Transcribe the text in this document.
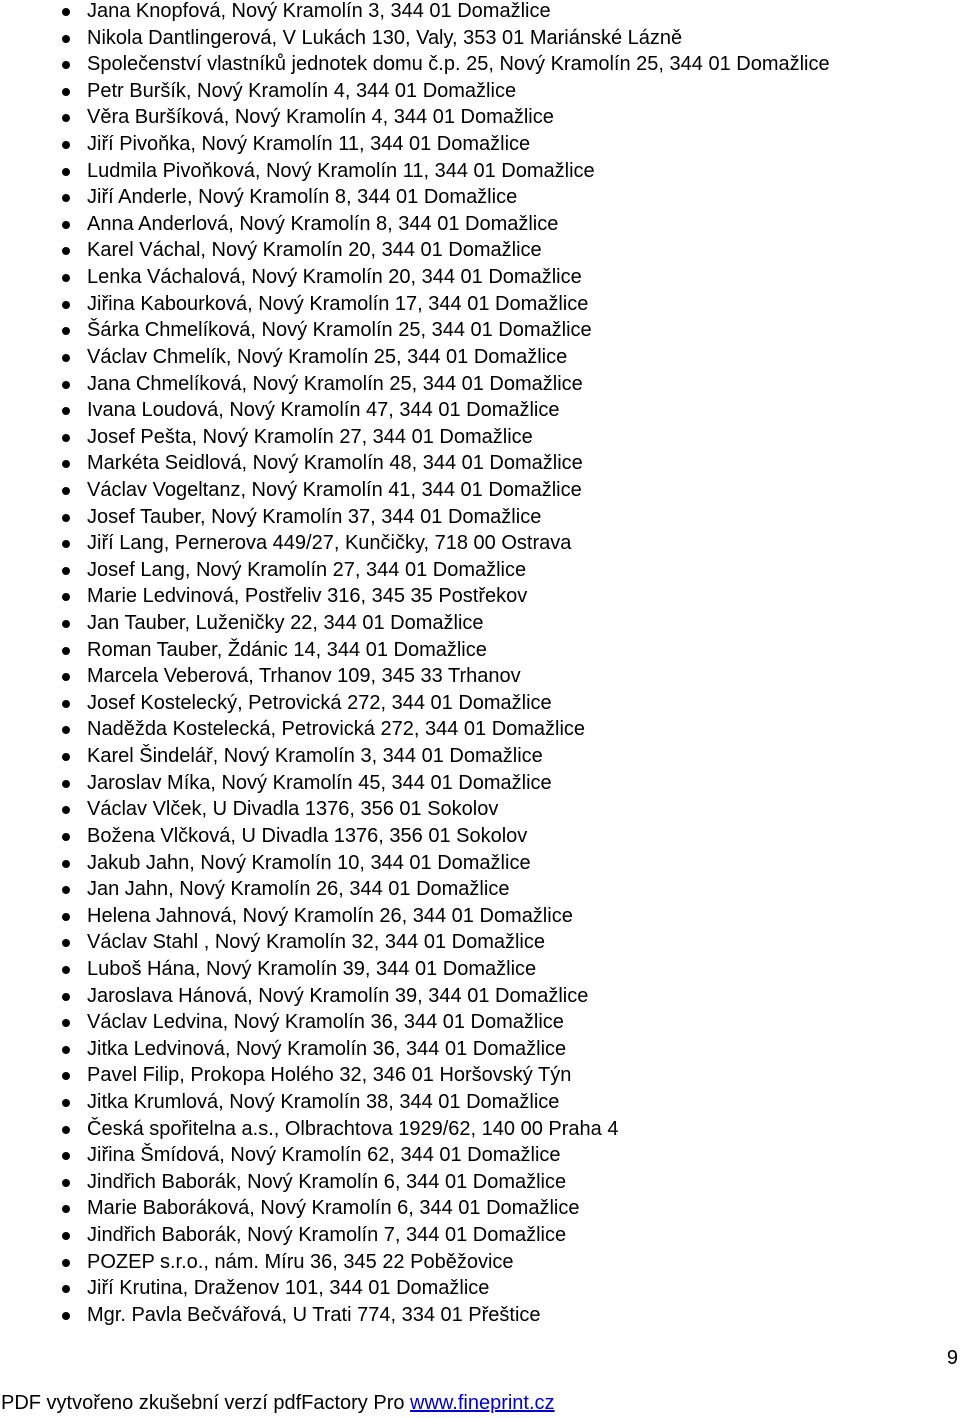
Jana Knopfová, Nový Kramolín 3, 344 01 Domažlice
Nikola Dantlingerová, V Lukách 130, Valy, 353 01 Mariánské Lázně
Společenství vlastníků jednotek domu č.p. 25, Nový Kramolín 25, 344 01 Domažlice
Petr Buršík, Nový Kramolín 4, 344 01 Domažlice
Věra Buršíková, Nový Kramolín 4, 344 01 Domažlice
Jiří Pivoňka, Nový Kramolín 11, 344 01 Domažlice
Ludmila Pivoňková, Nový Kramolín 11, 344 01 Domažlice
Jiří Anderle, Nový Kramolín 8, 344 01 Domažlice
Anna Anderlová, Nový Kramolín 8, 344 01 Domažlice
Karel Váchal, Nový Kramolín 20, 344 01 Domažlice
Lenka Váchalová, Nový Kramolín 20, 344 01 Domažlice
Jiřina Kabourková, Nový Kramolín 17, 344 01 Domažlice
Šárka Chmelíková, Nový Kramolín 25, 344 01 Domažlice
Václav Chmelík, Nový Kramolín 25, 344 01 Domažlice
Jana Chmelíková, Nový Kramolín 25, 344 01 Domažlice
Ivana Loudová, Nový Kramolín 47, 344 01 Domažlice
Josef Pešta, Nový Kramolín 27, 344 01 Domažlice
Markéta Seidlová, Nový Kramolín 48, 344 01 Domažlice
Václav Vogeltanz, Nový Kramolín 41, 344 01 Domažlice
Josef Tauber, Nový Kramolín 37, 344 01 Domažlice
Jiří Lang, Pernerova 449/27, Kunčičky, 718 00 Ostrava
Josef Lang, Nový Kramolín 27, 344 01 Domažlice
Marie Ledvinová, Postřeliv 316, 345 35 Postřekov
Jan Tauber, Luženičky 22, 344 01 Domažlice
Roman Tauber, Ždánic 14, 344 01 Domažlice
Marcela Veberová, Trhanov 109, 345 33 Trhanov
Josef Kostelecký, Petrovická 272, 344 01 Domažlice
Naděžda Kostelecká, Petrovická 272, 344 01 Domažlice
Karel Šindelář, Nový Kramolín 3, 344 01 Domažlice
Jaroslav Míka, Nový Kramolín 45, 344 01 Domažlice
Václav Vlček, U Divadla 1376, 356 01 Sokolov
Božena Vlčková, U Divadla 1376, 356 01 Sokolov
Jakub Jahn, Nový Kramolín 10, 344 01 Domažlice
Jan Jahn, Nový Kramolín 26, 344 01 Domažlice
Helena Jahnová, Nový Kramolín 26, 344 01 Domažlice
Václav Stahl , Nový Kramolín 32, 344 01 Domažlice
Luboš Hána, Nový Kramolín 39, 344 01 Domažlice
Jaroslava Hánová, Nový Kramolín 39, 344 01 Domažlice
Václav Ledvina, Nový Kramolín 36, 344 01 Domažlice
Jitka Ledvinová, Nový Kramolín 36, 344 01 Domažlice
Pavel Filip, Prokopa Holého 32, 346 01 Horšovský Týn
Jitka Krumlová, Nový Kramolín 38, 344 01 Domažlice
Česká spořitelna a.s., Olbrachtova 1929/62, 140 00 Praha 4
Jiřina Šmídová, Nový Kramolín 62, 344 01 Domažlice
Jindřich Baborák, Nový Kramolín 6, 344 01 Domažlice
Marie Baboráková, Nový Kramolín 6, 344 01 Domažlice
Jindřich Baborák, Nový Kramolín 7, 344 01 Domažlice
POZEP s.r.o., nám. Míru 36, 345 22 Poběžovice
Jiří Krutina, Draženov 101, 344 01 Domažlice
Mgr. Pavla Bečvářová, U Trati 774, 334 01 Přeštice
9
PDF vytvořeno zkušební verzí pdfFactory Pro www.fineprint.cz
